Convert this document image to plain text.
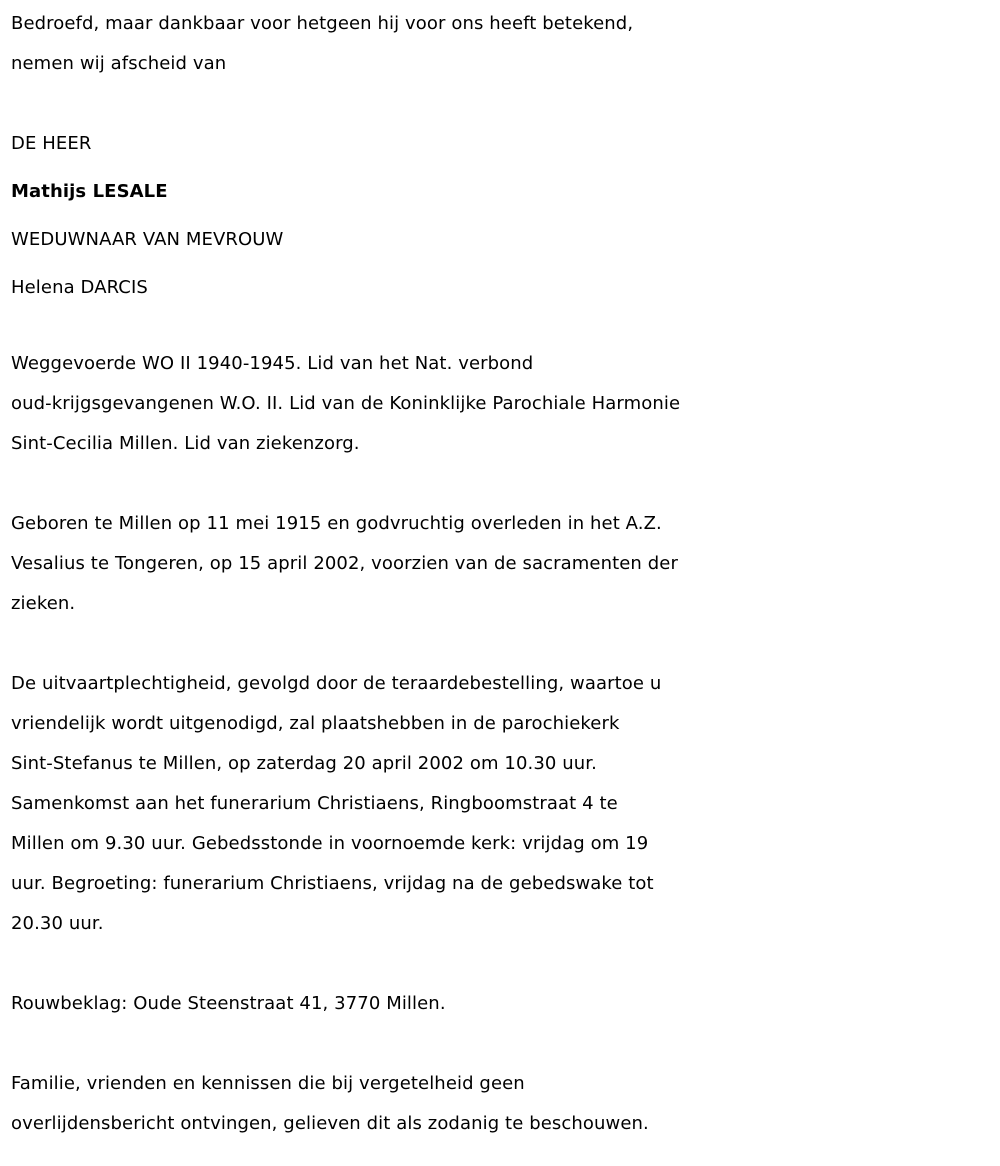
Bedroefd, maar dankbaar voor hetgeen hij voor ons heeft betekend,
nemen wij afscheid van
DE HEER
Mathijs LESALE
WEDUWNAAR VAN MEVROUW
Helena DARCIS
Weggevoerde WO II 1940-1945. Lid van het Nat. verbond
oud-krijgsgevangenen W.O. II. Lid van de Koninklijke Parochiale Harmonie
Sint-Cecilia Millen. Lid van ziekenzorg.
Geboren te Millen op 11 mei 1915 en godvruchtig overleden in het A.Z.
Vesalius te Tongeren, op 15 april 2002, voorzien van de sacramenten der
zieken.
De uitvaartplechtigheid, gevolgd door de teraardebestelling, waartoe u
vriendelijk wordt uitgenodigd, zal plaatshebben in de parochiekerk
Sint-Stefanus te Millen, op zaterdag 20 april 2002 om 10.30 uur.
Samenkomst aan het funerarium Christiaens, Ringboomstraat 4 te
Millen om 9.30 uur. Gebedsstonde in voornoemde kerk: vrijdag om 19
uur. Begroeting: funerarium Christiaens, vrijdag na de gebedswake tot
20.30 uur.
Rouwbeklag: Oude Steenstraat 41, 3770 Millen.
Familie, vrienden en kennissen die bij vergetelheid geen
overlijdensbericht ontvingen, gelieven dit als zodanig te beschouwen.
